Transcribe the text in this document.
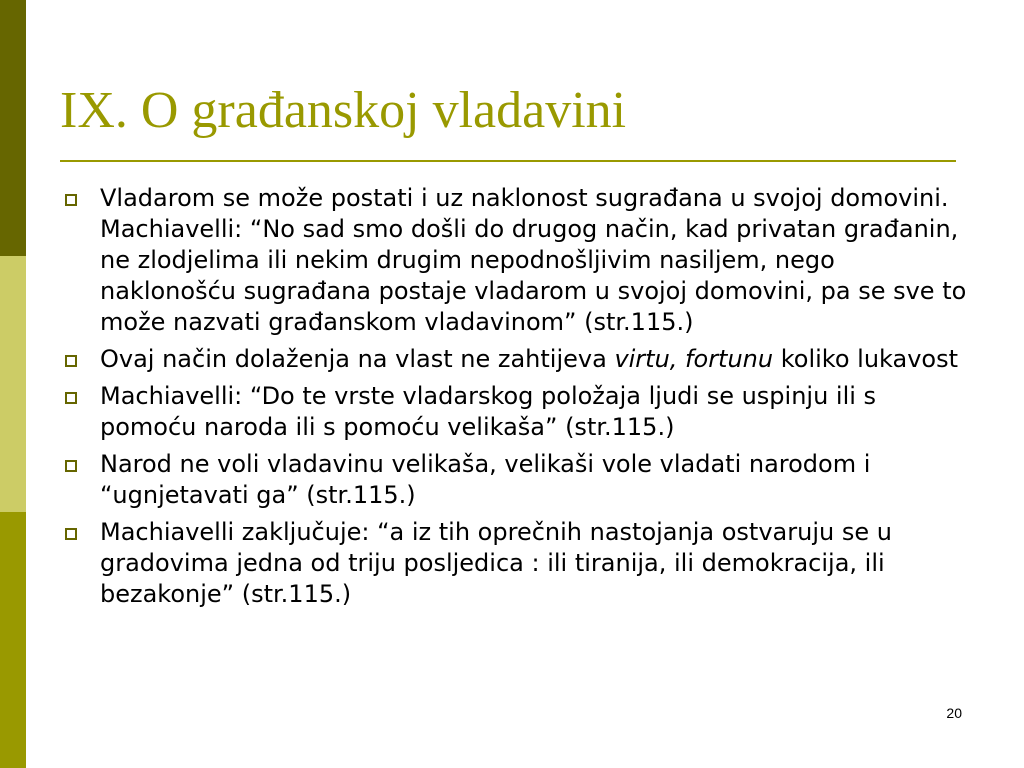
IX. O građanskoj vladavini
Vladarom se može postati i uz naklonost sugrađana u svojoj domovini. Machiavelli: “No sad smo došli do drugog način, kad privatan građanin, ne zlodjelima ili nekim drugim nepodnošljivim nasiljem, nego naklonošću sugrađana postaje vladarom u svojoj domovini, pa se sve to može nazvati građanskom vladavinom” (str.115.)
Ovaj način dolaženja na vlast ne zahtijeva virtu, fortunu koliko lukavost
Machiavelli: “Do te vrste vladarskog položaja ljudi se uspinju ili s pomoću naroda ili s pomoću velikaša” (str.115.)
Narod ne voli vladavinu velikaša, velikaši vole vladati narodom i “ugnjetavati ga” (str.115.)
Machiavelli zaključuje: “a iz tih oprečnih nastojanja ostvaruju se u gradovima jedna od triju posljedica : ili tiranija, ili demokracija, ili bezakonje” (str.115.)
20
